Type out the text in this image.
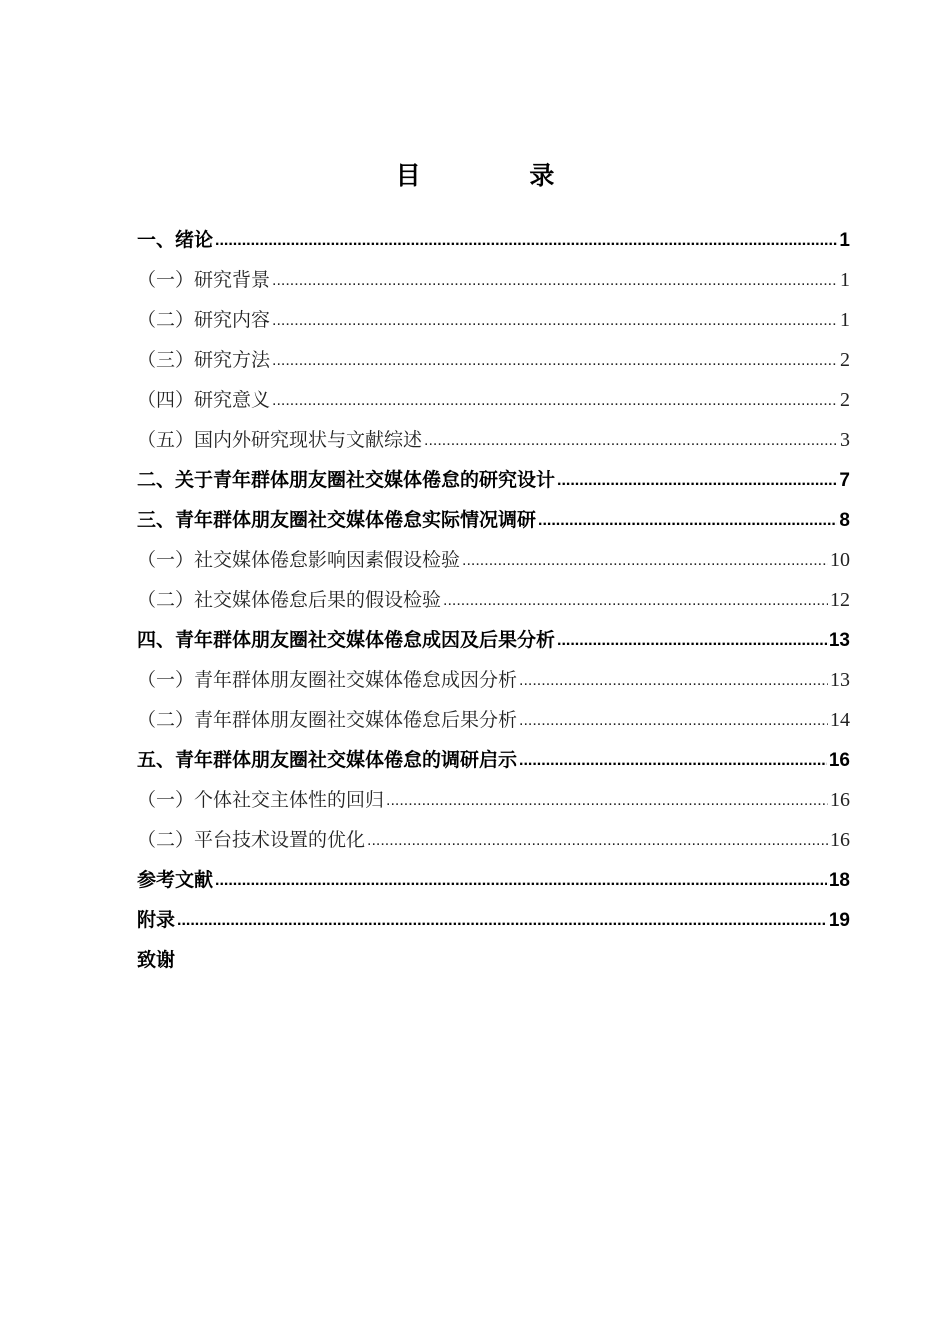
目 录
一、绪论 .....	1
（一）研究背景 .....	1
（二）研究内容 .....	1
（三）研究方法 .....	2
（四）研究意义 .....	2
（五）国内外研究现状与文献综述 .....	3
二、关于青年群体朋友圈社交媒体倦怠的研究设计 .....	7
三、青年群体朋友圈社交媒体倦怠实际情况调研 .....	8
（一）社交媒体倦怠影响因素假设检验 .....	10
（二）社交媒体倦怠后果的假设检验 .....	12
四、青年群体朋友圈社交媒体倦怠成因及后果分析 .....	13
（一）青年群体朋友圈社交媒体倦怠成因分析 .....	13
（二）青年群体朋友圈社交媒体倦怠后果分析 .....	14
五、青年群体朋友圈社交媒体倦怠的调研启示 .....	16
（一）个体社交主体性的回归 .....	16
（二）平台技术设置的优化 .....	16
参考文献 .....	18
附录 .....	19
致谢
